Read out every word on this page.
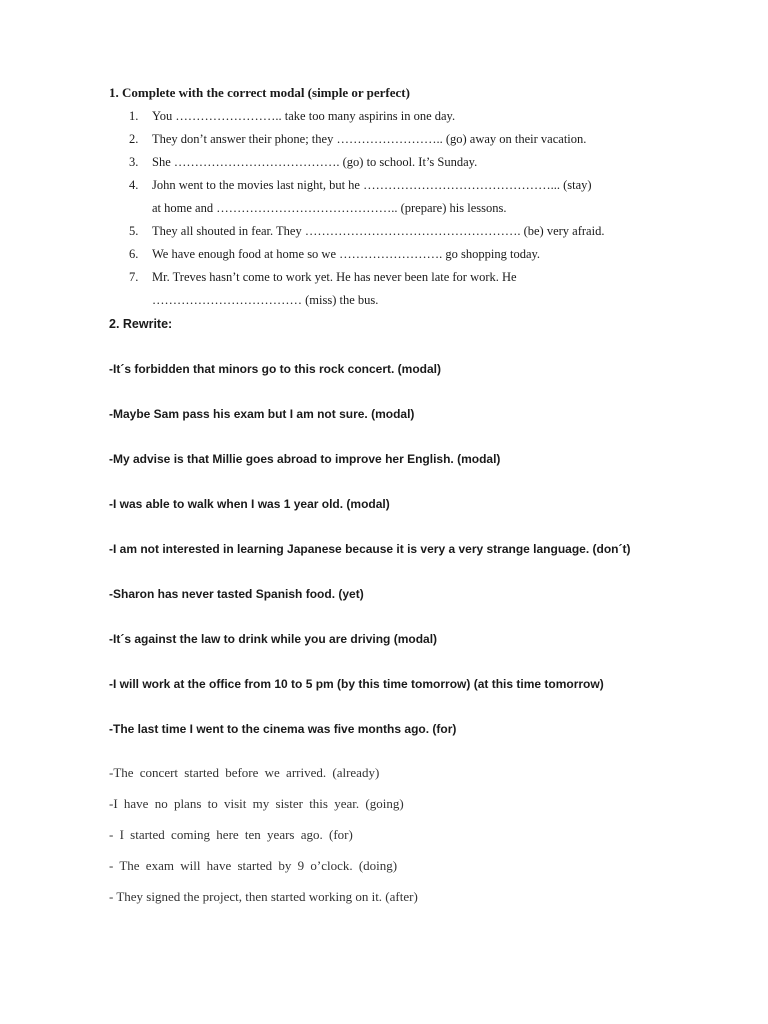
1. Complete with the correct modal (simple or perfect)
1. You …………………….. take too many aspirins in one day.
2. They don’t answer their phone; they …………………….. (go) away on their vacation.
3. She …………………………………. (go) to school. It’s Sunday.
4. John went to the movies last night, but he ………………………………………... (stay)
at home and …………………………………….. (prepare) his lessons.
5. They all shouted in fear. They ……………………………………………. (be) very afraid.
6. We have enough food at home so we ……………………. go shopping today.
7. Mr. Treves hasn’t come to work yet. He has never been late for work. He
……………………………… (miss) the bus.
2. Rewrite:
-It´s forbidden that minors go to this rock concert. (modal)
-Maybe Sam pass his exam but I am not sure. (modal)
-My advise is that Millie goes abroad to improve her English. (modal)
-I was able to walk when I was 1 year old. (modal)
-I am not interested in learning Japanese because it is very a very strange language. (don´t)
-Sharon has never tasted Spanish food. (yet)
-It´s against the law to drink while you are driving (modal)
-I will work at the office from 10 to 5 pm (by this time tomorrow) (at this time tomorrow)
-The last time I went to the cinema was five months ago. (for)
-The concert started before we arrived. (already)
-I have no plans to visit my sister this year. (going)
- I started coming here ten years ago. (for)
- The exam will have started by 9 o’clock. (doing)
- They signed the project, then started working on it. (after)
